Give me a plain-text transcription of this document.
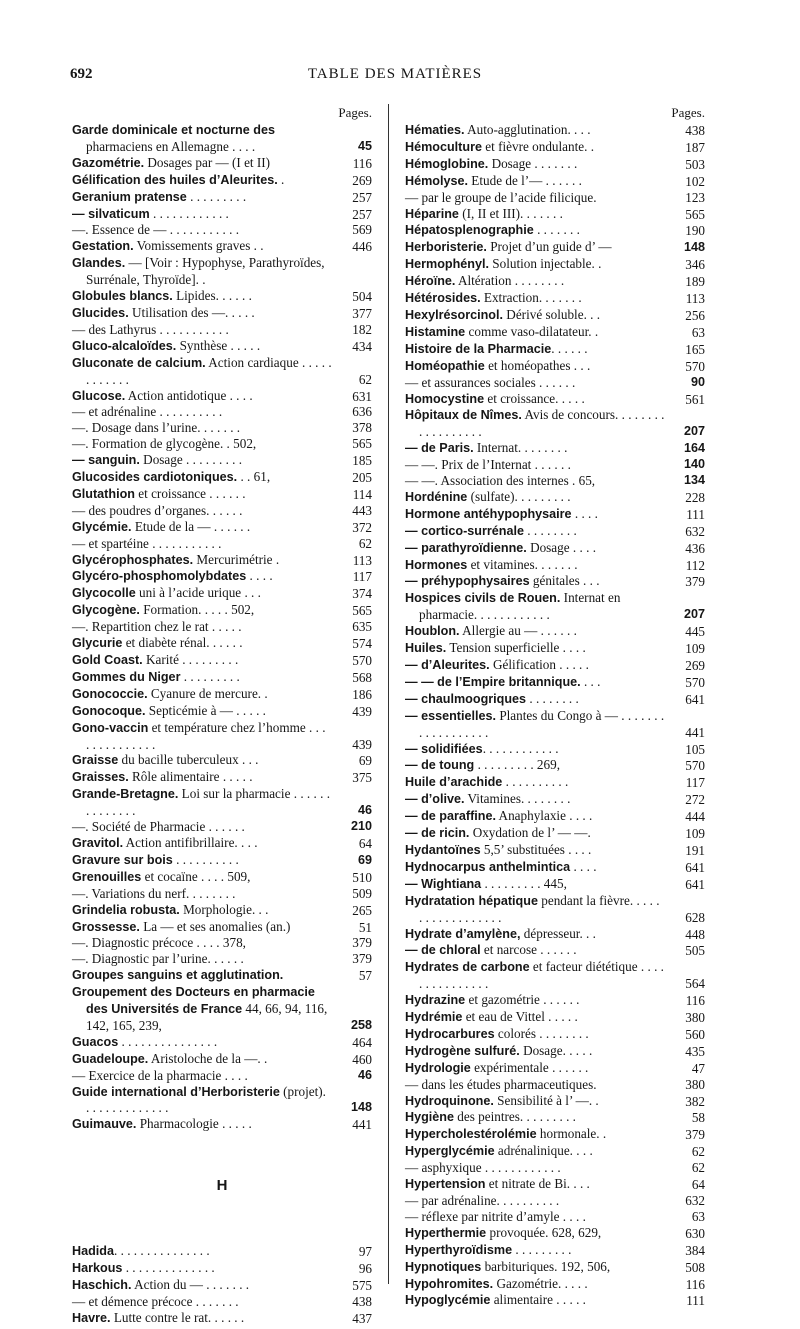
692	TABLE DES MATIÈRES
Pages.
Garde dominicale et nocturne des pharmaciens en Allemagne . . . .	45
Gazométrie. Dosages par — (I et II)	116
Gélification des huiles d’Aleurites. .	269
Geranium pratense . . . . . . . . .	257
— silvaticum . . . . . . . . . . . .	257
—. Essence de — . . . . . . . . . . .	569
Gestation. Vomissements graves . .	446
Glandes. — [Voir : Hypophyse, Parathyroïdes, Surrénale, Thyroïde]. .
Globules blancs. Lipides. . . . . .	504
Glucides. Utilisation des —. . . . .	377
— des Lathyrus . . . . . . . . . . .	182
Gluco-alcaloïdes. Synthèse . . . . .	434
Gluconate de calcium. Action cardiaque . . . . . . . . . . . .	62
Glucose. Action antidotique . . . .	631
— et adrénaline . . . . . . . . . .	636
—. Dosage dans l’urine. . . . . . .	378
—. Formation de glycogène. . 502,	565
— sanguin. Dosage . . . . . . . . .	185
Glucosides cardiotoniques. . . 61,	205
Glutathion et croissance . . . . . .	114
— des poudres d’organes. . . . . .	443
Glycémie. Etude de la — . . . . . .	372
— et spartéine . . . . . . . . . . .	62
Glycérophosphates. Mercurimétrie .	113
Glycéro-phosphomolybdates . . . .	117
Glycocolle uni à l’acide urique . . .	374
Glycogène. Formation. . . . . 502,	565
—. Repartition chez le rat . . . . .	635
Glycurie et diabète rénal. . . . . .	574
Gold Coast. Karité . . . . . . . . .	570
Gommes du Niger . . . . . . . . .	568
Gonococcie. Cyanure de mercure. .	186
Gonocoque. Septicémie à — . . . . .	439
Gono-vaccin et température chez l’homme . . . . . . . . . . . . . .	439
Graisse du bacille tuberculeux . . .	69
Graisses. Rôle alimentaire . . . . .	375
Grande-Bretagne. Loi sur la pharmacie . . . . . . . . . . . . . .	46
—. Société de Pharmacie . . . . . .	210
Gravitol. Action antifibrillaire. . . .	64
Gravure sur bois . . . . . . . . . .	69
Grenouilles et cocaïne . . . . 509,	510
—. Variations du nerf. . . . . . . .	509
Grindelia robusta. Morphologie. . .	265
Grossesse. La — et ses anomalies (an.)	51
—. Diagnostic précoce . . . . 378,	379
—. Diagnostic par l’urine. . . . . .	379
Groupes sanguins et agglutination.	57
Groupement des Docteurs en pharmacie des Universités de France 44, 66, 94, 116, 142, 165, 239,	258
Guacos . . . . . . . . . . . . . . .	464
Guadeloupe. Aristoloche de la —. .	460
— Exercice de la pharmacie . . . .	46
Guide international d’Herboristerie (projet). . . . . . . . . . . . . .	148
Guimauve. Pharmacologie . . . . .	441
H
Hadida. . . . . . . . . . . . . . .	97
Harkous . . . . . . . . . . . . . .	96
Haschich. Action du — . . . . . . .	575
— et démence précoce . . . . . . .	438
Havre. Lutte contre le rat. . . . . .	437
Pages.
Hématies. Auto-agglutination. . . .	438
Hémoculture et fièvre ondulante. .	187
Hémoglobine. Dosage . . . . . . .	503
Hémolyse. Etude de l’— . . . . . .	102
— par le groupe de l’acide filicique.	123
Héparine (I, II et III). . . . . . .	565
Hépatosplenographie . . . . . . .	190
Herboristerie. Projet d’un guide d’ —	148
Hermophényl. Solution injectable. .	346
Héroïne. Altération . . . . . . . .	189
Hétérosides. Extraction. . . . . . .	113
Hexylrésorcinol. Dérivé soluble. . .	256
Histamine comme vaso-dilatateur. .	63
Histoire de la Pharmacie. . . . . .	165
Homéopathie et homéopathes . . .	570
— et assurances sociales . . . . . .	90
Homocystine et croissance. . . . .	561
Hôpitaux de Nîmes. Avis de concours. . . . . . . . . . . . . . . . . .	207
— de Paris. Internat. . . . . . . .	164
— —. Prix de l’Internat . . . . . .	140
— —. Association des internes . 65,	134
Hordénine (sulfate). . . . . . . . .	228
Hormone antéhypophysaire . . . .	111
— cortico-surrénale . . . . . . . .	632
— parathyroïdienne. Dosage . . . .	436
Hormones et vitamines. . . . . . .	112
— préhypophysaires génitales . . .	379
Hospices civils de Rouen. Internat en pharmacie. . . . . . . . . . . .	207
Houblon. Allergie au — . . . . . .	445
Huiles. Tension superficielle . . . .	109
— d’Aleurites. Gélification . . . . .	269
— — de l’Empire britannique. . . .	570
— chaulmoogriques . . . . . . . .	641
— essentielles. Plantes du Congo à — . . . . . . . . . . . . . . . . . .	441
— solidifiées. . . . . . . . . . . .	105
— de toung . . . . . . . . . 269,	570
Huile d’arachide . . . . . . . . . .	117
— d’olive. Vitamines. . . . . . . .	272
— de paraffine. Anaphylaxie . . . .	444
— de ricin. Oxydation de l’ — —.	109
Hydantoïnes 5,5’ substituées . . . .	191
Hydnocarpus anthelmintica . . . .	641
— Wightiana . . . . . . . . . 445,	641
Hydratation hépatique pendant la fièvre. . . . . . . . . . . . . . . . . .	628
Hydrate d’amylène, dépresseur. . .	448
— de chloral et narcose . . . . . .	505
Hydrates de carbone et facteur diététique . . . . . . . . . . . . . . .	564
Hydrazine et gazométrie . . . . . .	116
Hydrémie et eau de Vittel . . . . .	380
Hydrocarbures colorés . . . . . . . .	560
Hydrogène sulfuré. Dosage. . . . .	435
Hydrologie expérimentale . . . . . .	47
— dans les études pharmaceutiques.	380
Hydroquinone. Sensibilité à l’ —. .	382
Hygiène des peintres. . . . . . . . .	58
Hypercholestérolémie hormonale. .	379
Hyperglycémie adrénalinique. . . .	62
— asphyxique . . . . . . . . . . . .	62
Hypertension et nitrate de Bi. . . .	64
— par adrénaline. . . . . . . . . .	632
— réflexe par nitrite d’amyle . . . .	63
Hyperthermie provoquée. 628, 629,	630
Hyperthyroïdisme . . . . . . . . .	384
Hypnotiques barbituriques. 192, 506,	508
Hypohromites. Gazométrie. . . . .	116
Hypoglycémie alimentaire . . . . .	111
